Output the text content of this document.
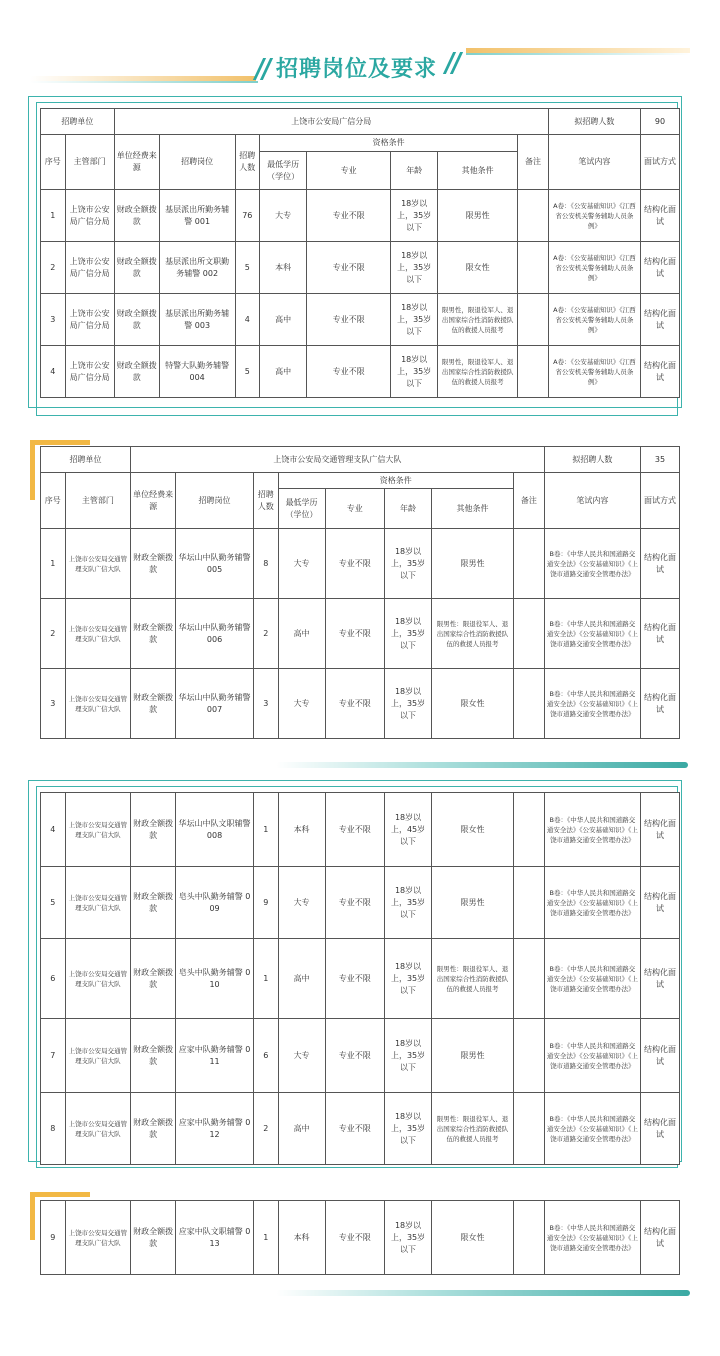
招聘岗位及要求
招聘单位		上饶市公安局广信分局								拟招聘人数	90
序号	主管部门	单位经费来源	招聘岗位	招聘人数	资格条件				备注	笔试内容	面试方式
					最低学历（学位）	专业	年龄	其他条件			
1	上饶市公安局广信分局	财政全额拨款	基层派出所勤务辅警 001	76	大专	专业不限	18岁以上，35岁以下	限男性		A卷：《公安基础知识》《江西省公安机关警务辅助人员条例》	结构化面试
2	上饶市公安局广信分局	财政全额拨款	基层派出所文职勤务辅警 002	5	本科	专业不限	18岁以上，35岁以下	限女性		A卷：《公安基础知识》《江西省公安机关警务辅助人员条例》	结构化面试
3	上饶市公安局广信分局	财政全额拨款	基层派出所勤务辅警 003	4	高中	专业不限	18岁以上，35岁以下	限男性，限退役军人、退出国家综合性消防救援队伍的救援人员报考		A卷：《公安基础知识》《江西省公安机关警务辅助人员条例》	结构化面试
4	上饶市公安局广信分局	财政全额拨款	特警大队勤务辅警 004	5	高中	专业不限	18岁以上，35岁以下	限男性，限退役军人、退出国家综合性消防救援队伍的救援人员报考		A卷：《公安基础知识》《江西省公安机关警务辅助人员条例》	结构化面试
招聘单位		上饶市公安局交通管理支队广信大队								拟招聘人数	35
序号	主管部门	单位经费来源	招聘岗位	招聘人数	资格条件				备注	笔试内容	面试方式
					最低学历（学位）	专业	年龄	其他条件			
1	上饶市公安局交通管理支队广信大队	财政全额拨款	华坛山中队勤务辅警 005	8	大专	专业不限	18岁以上，35岁以下	限男性		B卷：《中华人民共和国道路交通安全法》《公安基础知识》《上饶市道路交通安全管理办法》	结构化面试
2	上饶市公安局交通管理支队广信大队	财政全额拨款	华坛山中队勤务辅警 006	2	高中	专业不限	18岁以上，35岁以下	限男性：限退役军人、退出国家综合性消防救援队伍的救援人员报考		B卷：《中华人民共和国道路交通安全法》《公安基础知识》《上饶市道路交通安全管理办法》	结构化面试
3	上饶市公安局交通管理支队广信大队	财政全额拨款	华坛山中队勤务辅警 007	3	大专	专业不限	18岁以上，35岁以下	限女性		B卷：《中华人民共和国道路交通安全法》《公安基础知识》《上饶市道路交通安全管理办法》	结构化面试
4	上饶市公安局交通管理支队广信大队	财政全额拨款	华坛山中队文职辅警 008	1	本科	专业不限	18岁以上，45岁以下	限女性		B卷：《中华人民共和国道路交通安全法》《公安基础知识》《上饶市道路交通安全管理办法》	结构化面试
5	上饶市公安局交通管理支队广信大队	财政全额拨款	皂头中队勤务辅警 009	9	大专	专业不限	18岁以上，35岁以下	限男性		B卷：《中华人民共和国道路交通安全法》《公安基础知识》《上饶市道路交通安全管理办法》	结构化面试
6	上饶市公安局交通管理支队广信大队	财政全额拨款	皂头中队勤务辅警 010	1	高中	专业不限	18岁以上，35岁以下	限男性：限退役军人、退出国家综合性消防救援队伍的救援人员报考		B卷：《中华人民共和国道路交通安全法》《公安基础知识》《上饶市道路交通安全管理办法》	结构化面试
7	上饶市公安局交通管理支队广信大队	财政全额拨款	应家中队勤务辅警 011	6	大专	专业不限	18岁以上，35岁以下	限男性		B卷：《中华人民共和国道路交通安全法》《公安基础知识》《上饶市道路交通安全管理办法》	结构化面试
8	上饶市公安局交通管理支队广信大队	财政全额拨款	应家中队勤务辅警 012	2	高中	专业不限	18岁以上，35岁以下	限男性：限退役军人、退出国家综合性消防救援队伍的救援人员报考		B卷：《中华人民共和国道路交通安全法》《公安基础知识》《上饶市道路交通安全管理办法》	结构化面试
9	上饶市公安局交通管理支队广信大队	财政全额拨款	应家中队文职辅警 013	1	本科	专业不限	18岁以上，35岁以下	限女性		B卷：《中华人民共和国道路交通安全法》《公安基础知识》《上饶市道路交通安全管理办法》	结构化面试
